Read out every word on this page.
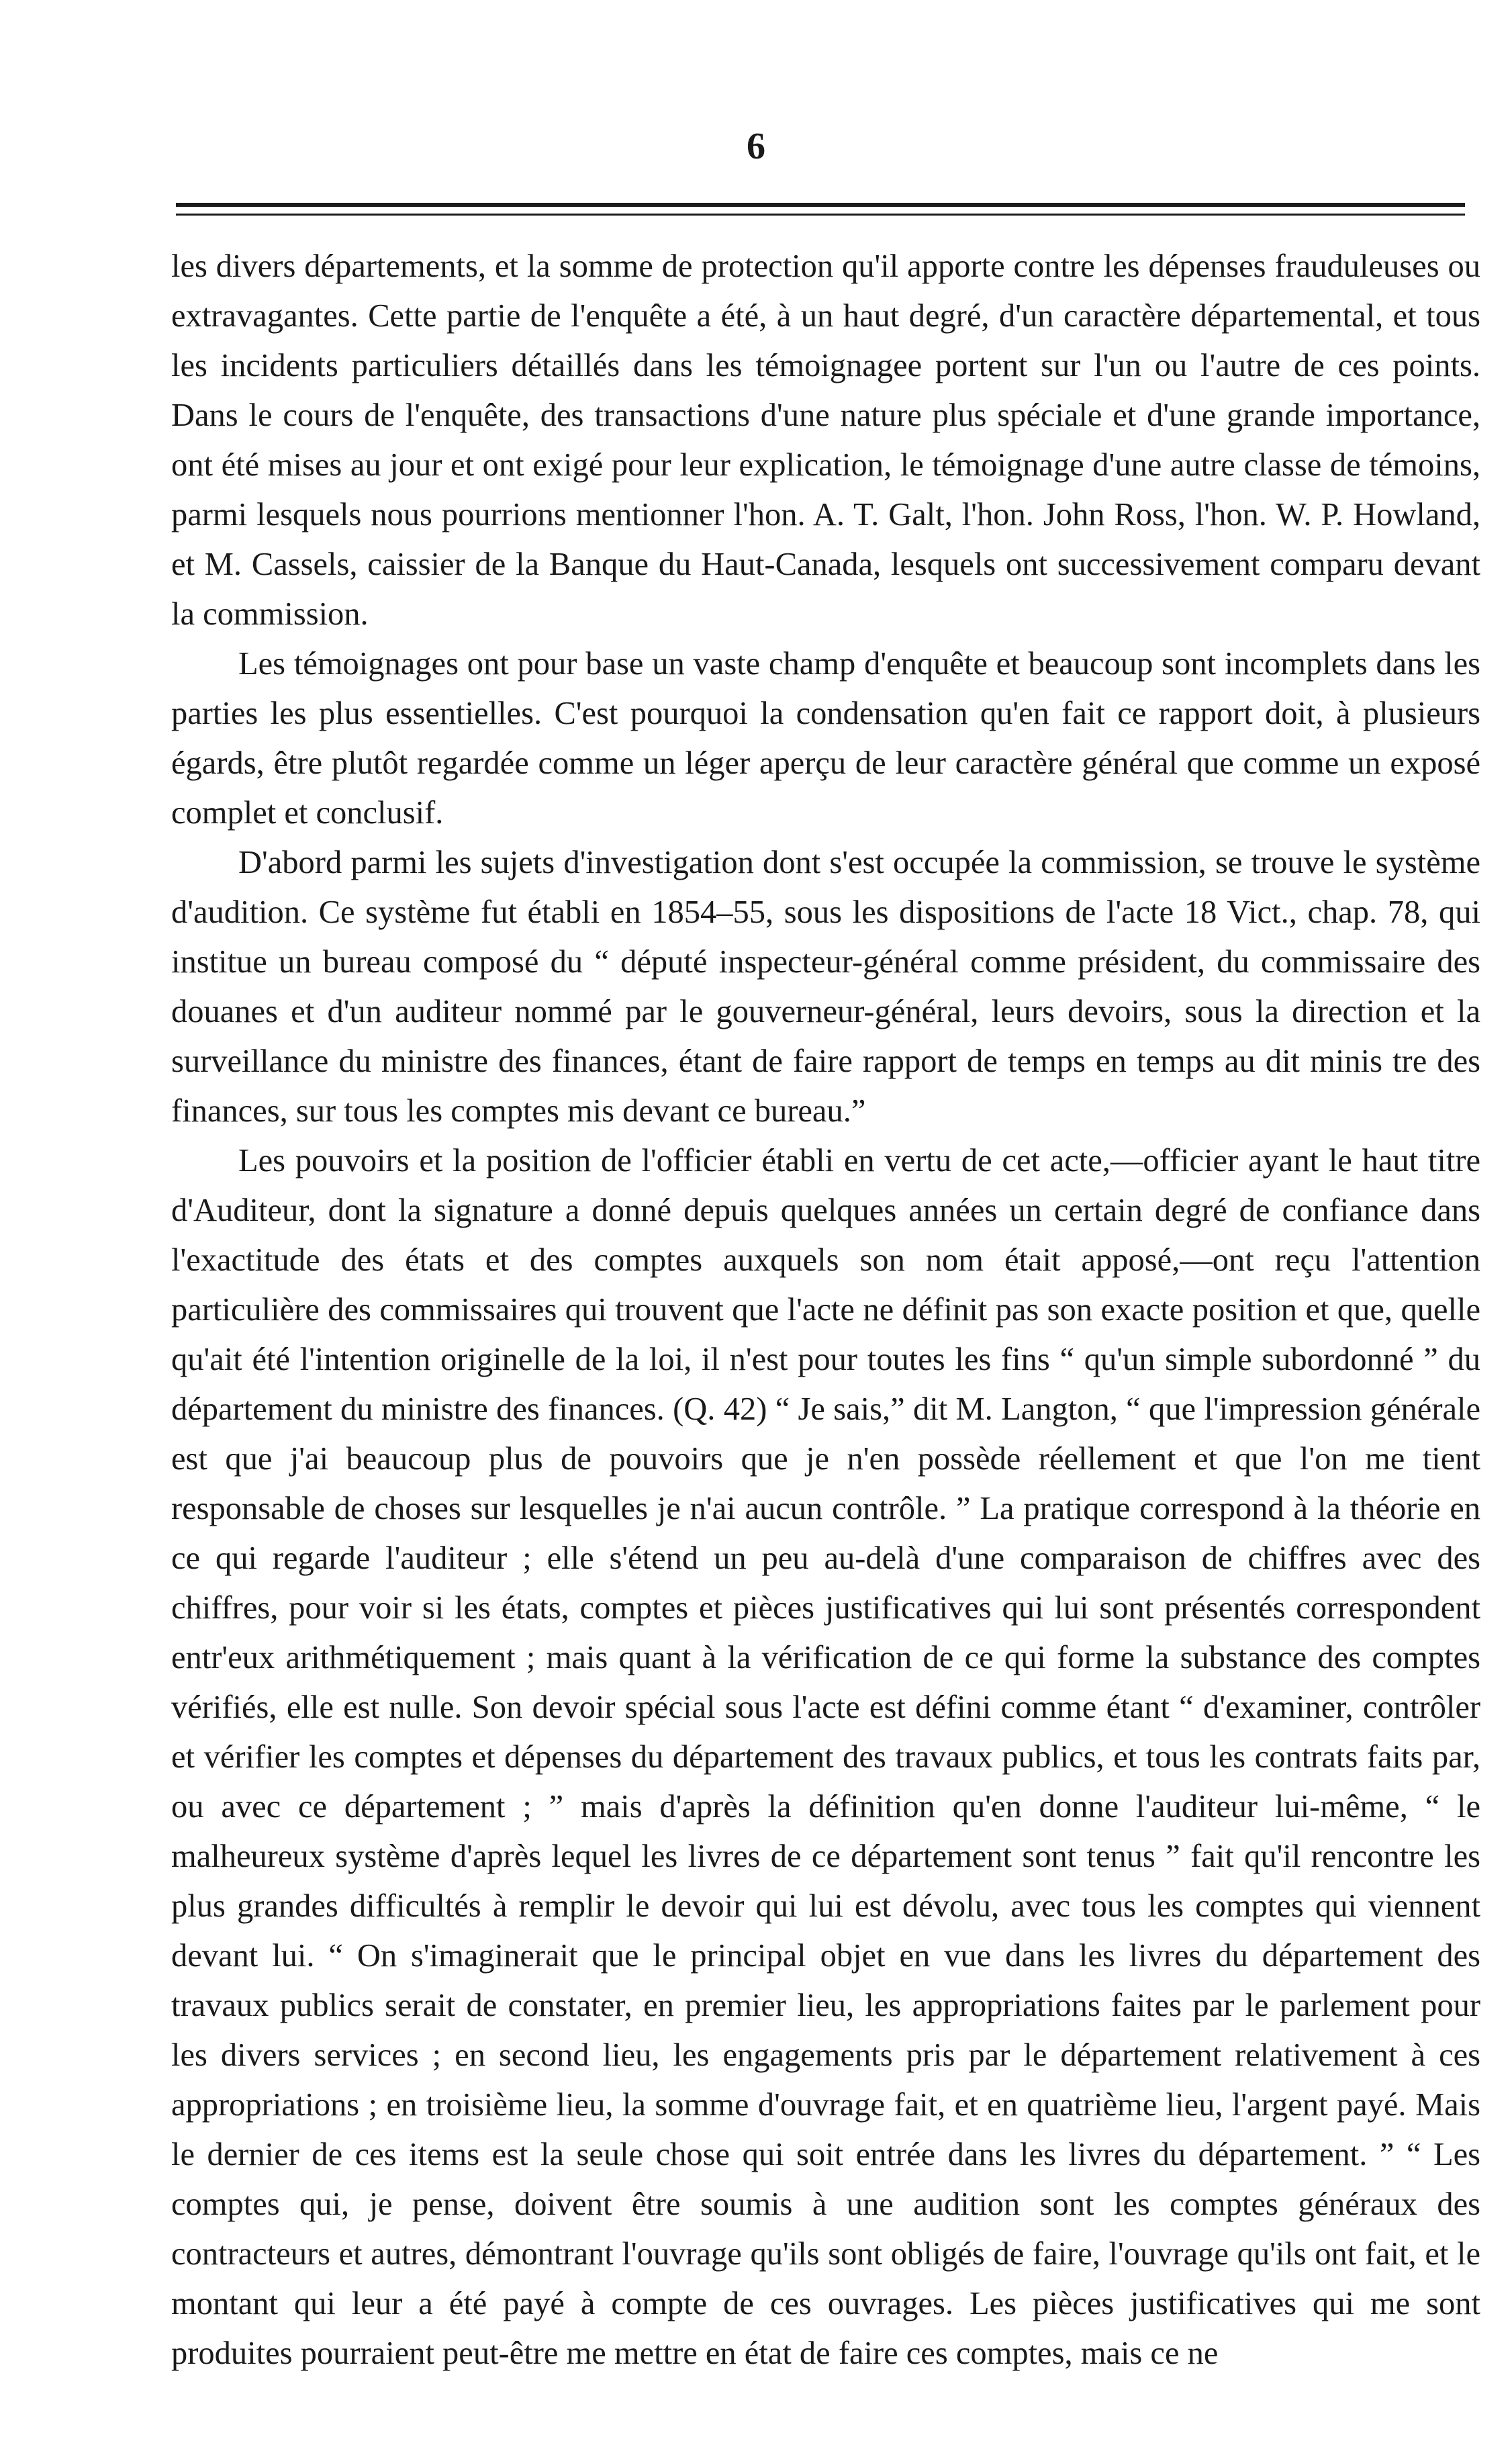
6

les divers départements, et la somme de protection qu'il apporte contre les dépenses frauduleuses ou extravagantes. Cette partie de l'enquête a été, à un haut degré, d'un caractère départemental, et tous les incidents particuliers détaillés dans les témoignagee portent sur l'un ou l'autre de ces points. Dans le cours de l'enquête, des transactions d'une nature plus spéciale et d'une grande importance, ont été mises au jour et ont exigé pour leur explication, le témoignage d'une autre classe de témoins, parmi lesquels nous pourrions mentionner l'hon. A. T. Galt, l'hon. John Ross, l'hon. W. P. Howland, et M. Cassels, caissier de la Banque du Haut-Canada, lesquels ont successivement comparu devant la commission.

Les témoignages ont pour base un vaste champ d'enquête et beaucoup sont incomplets dans les parties les plus essentielles. C'est pourquoi la condensation qu'en fait ce rapport doit, à plusieurs égards, être plutôt regardée comme un léger aperçu de leur caractère général que comme un exposé complet et conclusif.

D'abord parmi les sujets d'investigation dont s'est occupée la commission, se trouve le système d'audition. Ce système fut établi en 1854–55, sous les dispositions de l'acte 18 Vict., chap. 78, qui institue un bureau composé du “ député inspecteur-général comme président, du commissaire des douanes et d'un auditeur nommé par le gouverneur-général, leurs devoirs, sous la direction et la surveillance du ministre des finances, étant de faire rapport de temps en temps au dit minis tre des finances, sur tous les comptes mis devant ce bureau.”

Les pouvoirs et la position de l'officier établi en vertu de cet acte,—officier ayant le haut titre d'Auditeur, dont la signature a donné depuis quelques années un certain degré de confiance dans l'exactitude des états et des comptes auxquels son nom était apposé,—ont reçu l'attention particulière des commissaires qui trouvent que l'acte ne définit pas son exacte position et que, quelle qu'ait été l'intention originelle de la loi, il n'est pour toutes les fins “ qu'un simple subordonné ” du département du ministre des finances. (Q. 42) “ Je sais,” dit M. Langton, “ que l'impression générale est que j'ai beaucoup plus de pouvoirs que je n'en possède réellement et que l'on me tient responsable de choses sur lesquelles je n'ai aucun contrôle. ” La pratique correspond à la théorie en ce qui regarde l'auditeur ; elle s'étend un peu au-delà d'une comparaison de chiffres avec des chiffres, pour voir si les états, comptes et pièces justificatives qui lui sont présentés correspondent entr'eux arithmétiquement ; mais quant à la vérification de ce qui forme la substance des comptes vérifiés, elle est nulle. Son devoir spécial sous l'acte est défini comme étant “ d'examiner, contrôler et vérifier les comptes et dépenses du département des travaux publics, et tous les contrats faits par, ou avec ce département ; ” mais d'après la définition qu'en donne l'auditeur lui-même, “ le malheureux système d'après lequel les livres de ce département sont tenus ” fait qu'il rencontre les plus grandes difficultés à remplir le devoir qui lui est dévolu, avec tous les comptes qui viennent devant lui. “ On s'imaginerait que le principal objet en vue dans les livres du département des travaux publics serait de constater, en premier lieu, les appropriations faites par le parlement pour les divers services ; en second lieu, les engagements pris par le département relativement à ces appropriations ; en troisième lieu, la somme d'ouvrage fait, et en quatrième lieu, l'argent payé. Mais le dernier de ces items est la seule chose qui soit entrée dans les livres du département. ” “ Les comptes qui, je pense, doivent être soumis à une audition sont les comptes généraux des contracteurs et autres, démontrant l'ouvrage qu'ils sont obligés de faire, l'ouvrage qu'ils ont fait, et le montant qui leur a été payé à compte de ces ouvrages. Les pièces justificatives qui me sont produites pourraient peut-être me mettre en état de faire ces comptes, mais ce ne
